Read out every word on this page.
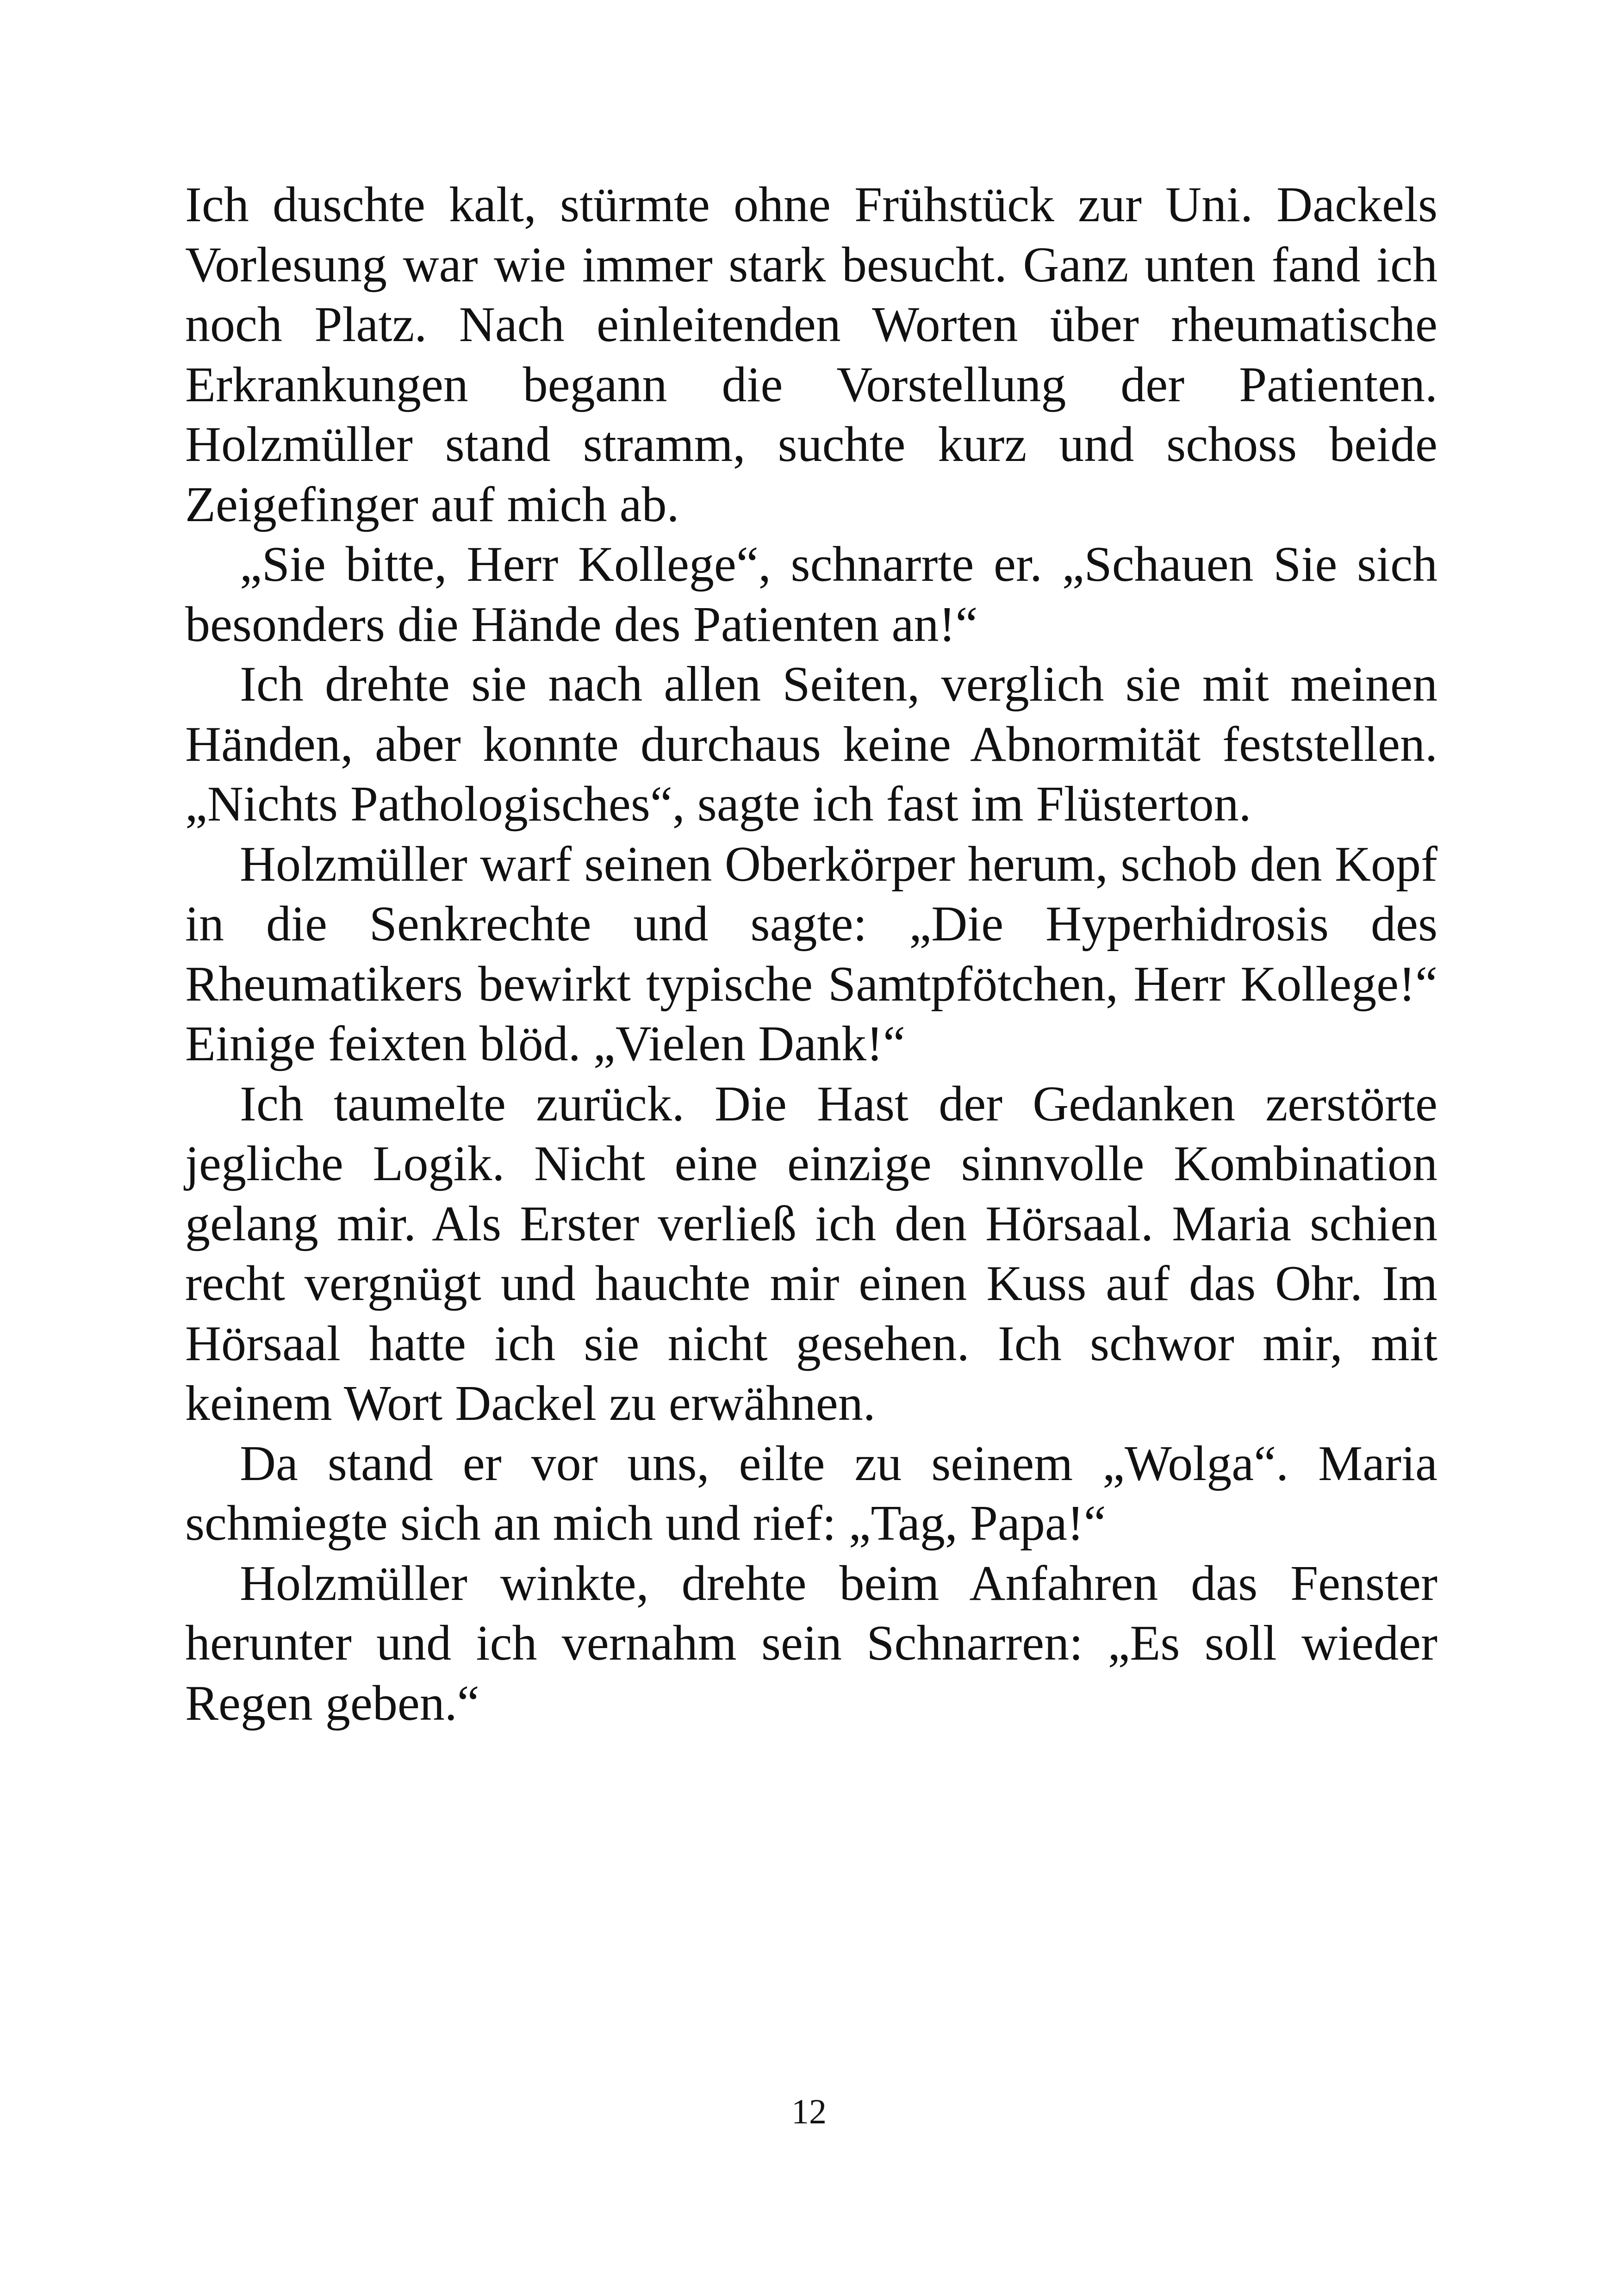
Ich duschte kalt, stürmte ohne Frühstück zur Uni. Dackels Vorlesung war wie immer stark besucht. Ganz unten fand ich noch Platz. Nach einleitenden Worten über rheumatische Erkrankungen begann die Vorstellung der Patienten. Holzmüller stand stramm, suchte kurz und schoss beide Zeigefinger auf mich ab.

„Sie bitte, Herr Kollege“, schnarrte er. „Schauen Sie sich besonders die Hände des Patienten an!“

Ich drehte sie nach allen Seiten, verglich sie mit meinen Händen, aber konnte durchaus keine Abnormität feststellen. „Nichts Pathologisches“, sagte ich fast im Flüsterton.

Holzmüller warf seinen Oberkörper herum, schob den Kopf in die Senkrechte und sagte: „Die Hyperhidrosis des Rheumatikers bewirkt typische Samtpfötchen, Herr Kollege!“ Einige feixten blöd. „Vielen Dank!“

Ich taumelte zurück. Die Hast der Gedanken zerstörte jegliche Logik. Nicht eine einzige sinnvolle Kombination gelang mir. Als Erster verließ ich den Hörsaal. Maria schien recht vergnügt und hauchte mir einen Kuss auf das Ohr. Im Hörsaal hatte ich sie nicht gesehen. Ich schwor mir, mit keinem Wort Dackel zu erwähnen.

Da stand er vor uns, eilte zu seinem „Wolga“. Maria schmiegte sich an mich und rief: „Tag, Papa!“

Holzmüller winkte, drehte beim Anfahren das Fenster herunter und ich vernahm sein Schnarren: „Es soll wieder Regen geben.“

12
